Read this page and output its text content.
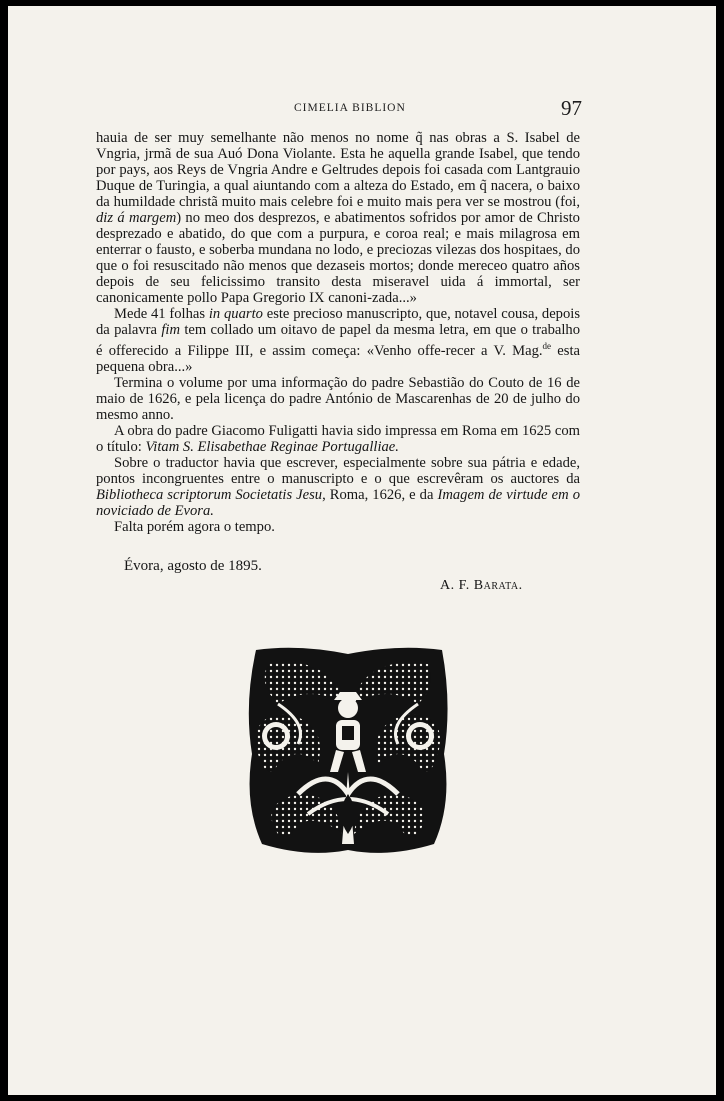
CIMELIA BIBLION	97

hauia de ser muy semelhante não menos no nome q̃ nas obras a S. Isabel de Vngria, jrmã de sua Auó Dona Violante. Esta he aquella grande Isabel, que tendo por pays, aos Reys de Vngria Andre e Geltrudes depois foi casada com Lantgrauio Duque de Turingia, a qual aiuntando com a alteza do Estado, em q̃ nacera, o baixo da humildade christã muito mais celebre foi e muito mais pera ver se mostrou (foi, diz á margem) no meo dos desprezos, e abatimentos sofridos por amor de Christo desprezado e abatido, do que com a purpura, e coroa real; e mais milagrosa em enterrar o fausto, e soberba mundana no lodo, e preciozas vilezas dos hospitaes, do que o foi resuscitado não menos que dezaseis mortos; donde mereceo quatro años depois de seu felicissimo transito desta miseravel uida á immortal, ser canonicamente pollo Papa Gregorio IX canoni-zada...»

Mede 41 folhas in quarto este precioso manuscripto, que, notavel cousa, depois da palavra fim tem collado um oitavo de papel da mesma letra, em que o trabalho é offerecido a Filippe III, e assim começa: «Venho offe-recer a V. Mag.$^{de}$ esta pequena obra...»

Termina o volume por uma informação do padre Sebastião do Couto de 16 de maio de 1626, e pela licença do padre António de Mascarenhas de 20 de julho do mesmo anno.

A obra do padre Giacomo Fuligatti havia sido impressa em Roma em 1625 com o título: Vitam S. Elisabethae Reginae Portugalliae.

Sobre o traductor havia que escrever, especialmente sobre sua pátria e edade, pontos incongruentes entre o manuscripto e o que escrevêram os auctores da Bibliotheca scriptorum Societatis Jesu, Roma, 1626, e da Imagem de virtude em o noviciado de Evora.

Falta porém agora o tempo.

Évora, agosto de 1895.
A. F. Barata.
